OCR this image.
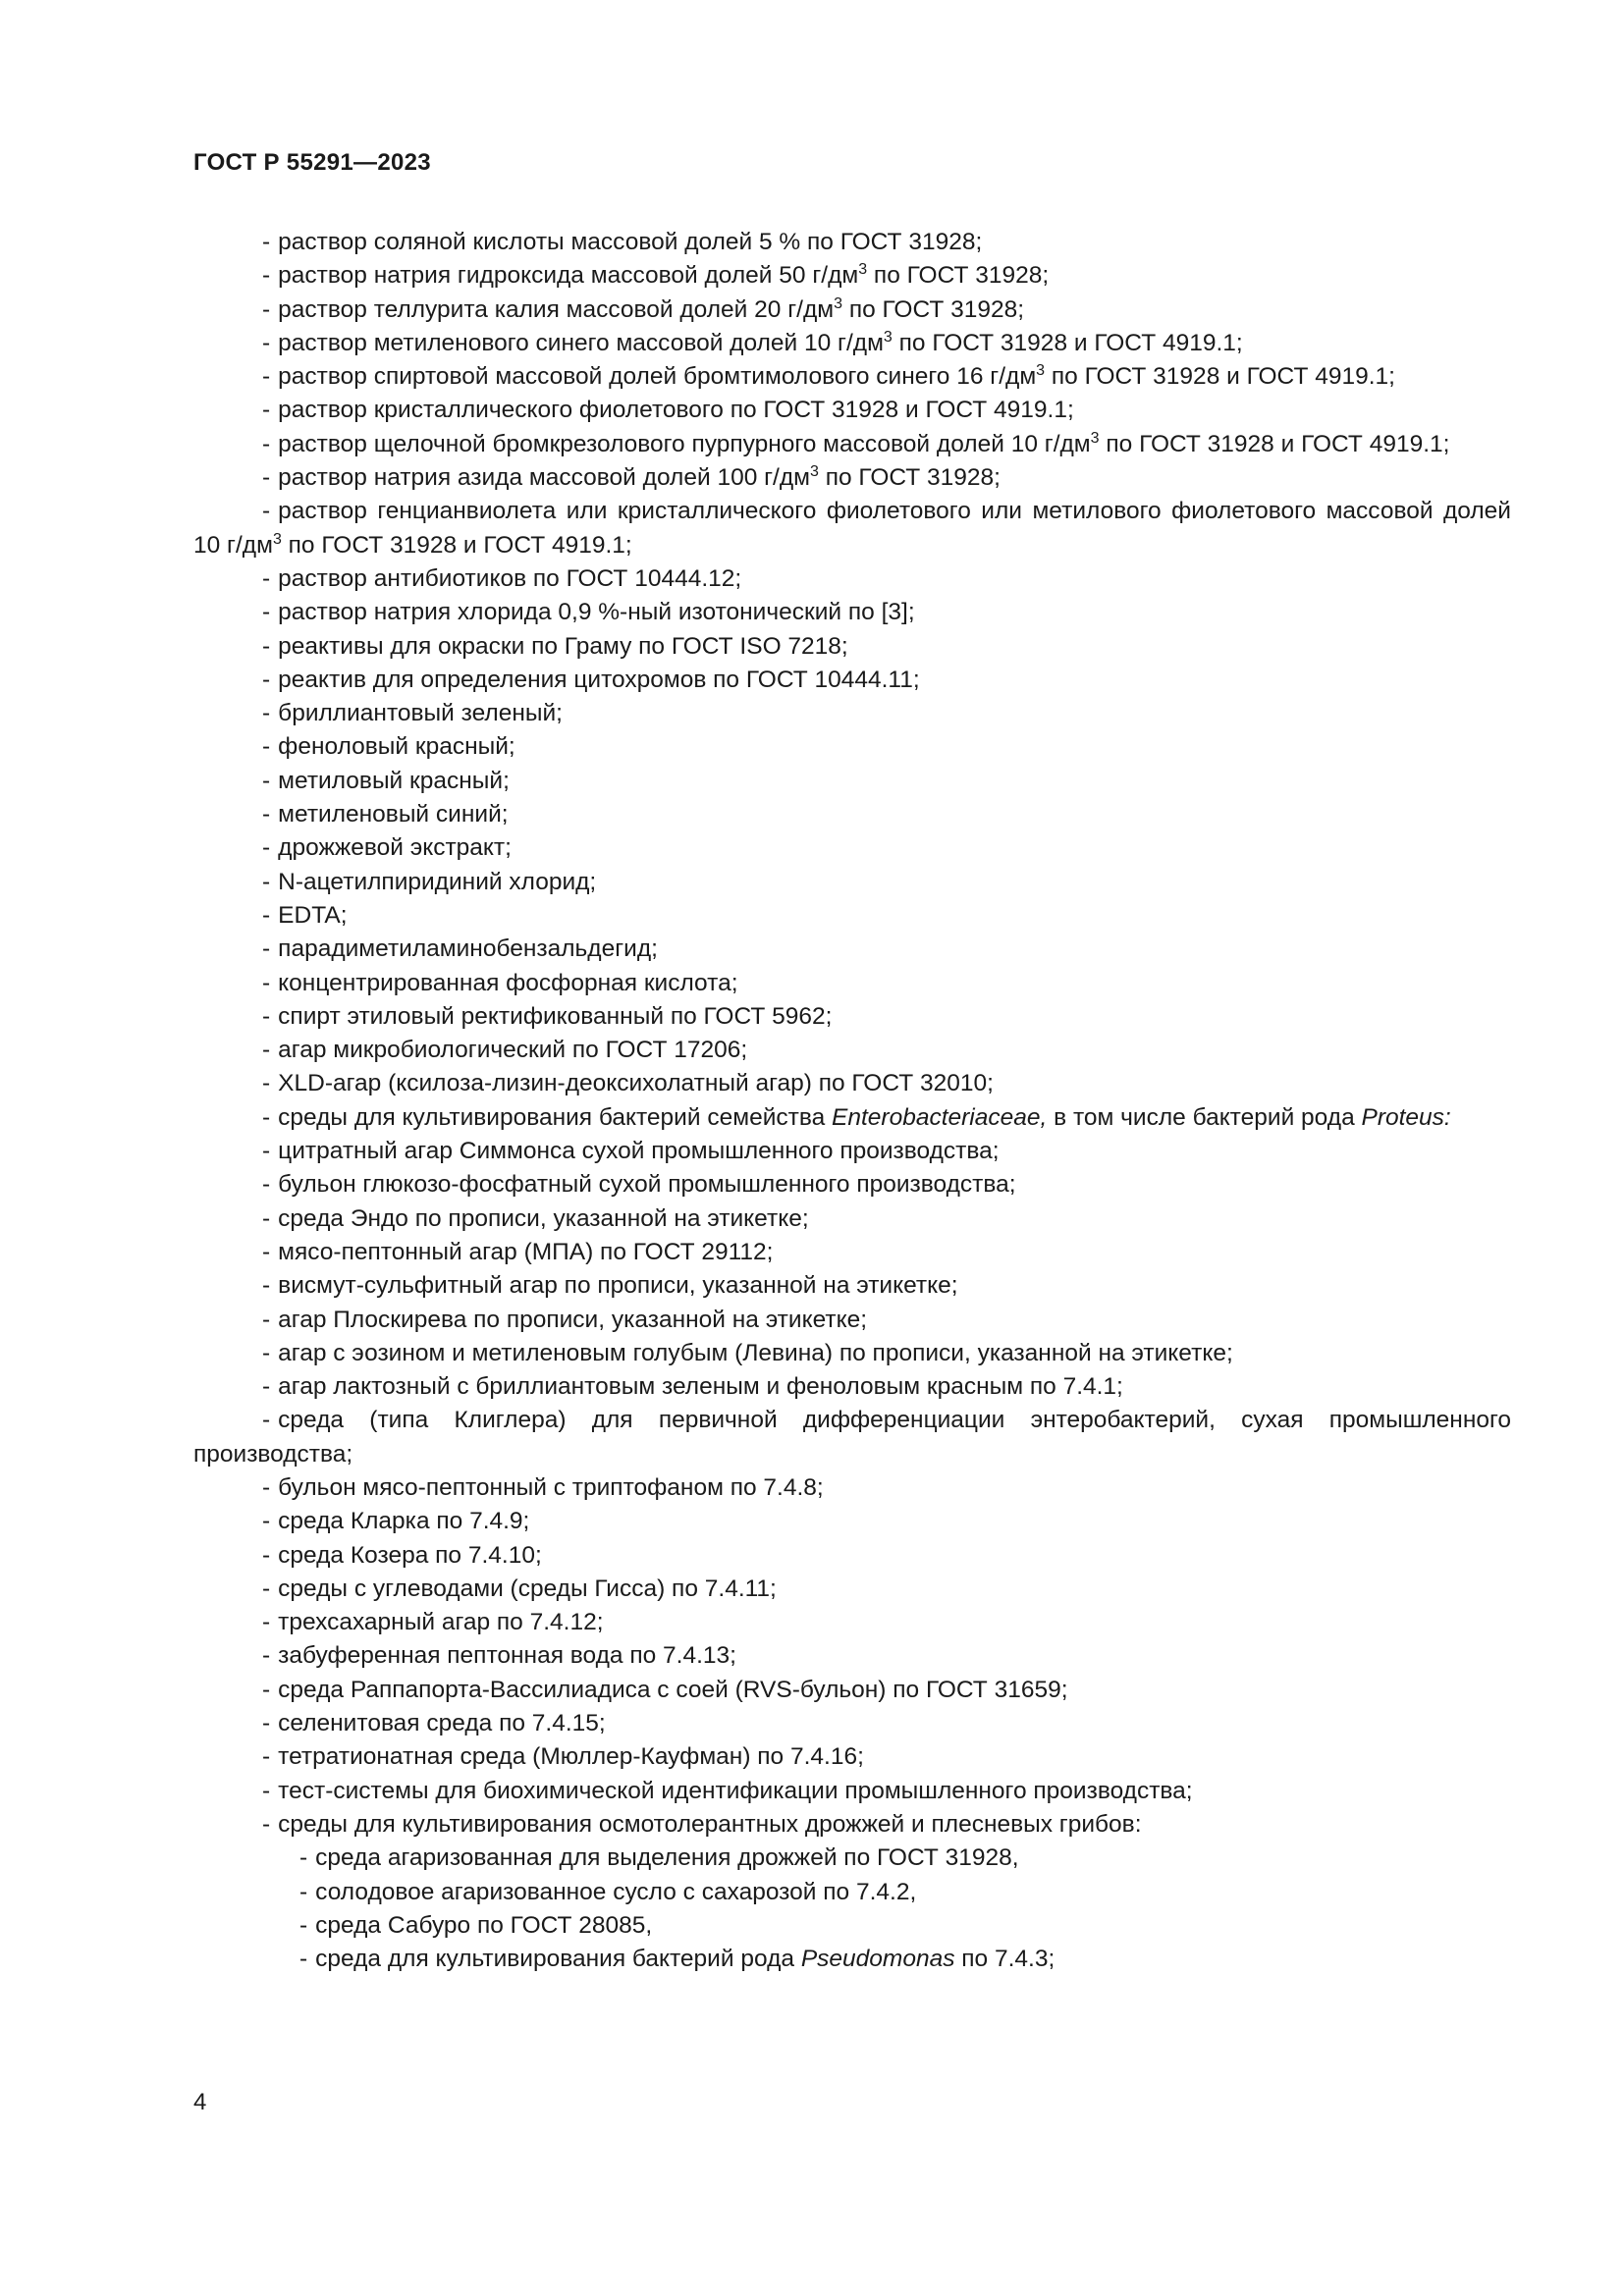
ГОСТ Р 55291—2023

- раствор соляной кислоты массовой долей 5 % по ГОСТ 31928;

- раствор натрия гидроксида массовой долей 50 $г/дм^3$ по ГОСТ 31928;

- раствор теллурита калия массовой долей 20 $г/дм^3$ по ГОСТ 31928;

- раствор метиленового синего массовой долей 10 $г/дм^3$ по ГОСТ 31928 и ГОСТ 4919.1;

- раствор спиртовой массовой долей бромтимолового синего 16 $г/дм^3$ по ГОСТ 31928 и ГОСТ 4919.1;

- раствор кристаллического фиолетового по ГОСТ 31928 и ГОСТ 4919.1;

- раствор щелочной бромкрезолового пурпурного массовой долей 10 $г/дм^3$ по ГОСТ 31928 и ГОСТ 4919.1;

- раствор натрия азида массовой долей 100 $г/дм^3$ по ГОСТ 31928;

- раствор генцианвиолета или кристаллического фиолетового или метилового фиолетового массовой долей 10 $г/дм^3$ по ГОСТ 31928 и ГОСТ 4919.1;

- раствор антибиотиков по ГОСТ 10444.12;

- раствор натрия хлорида 0,9 %-ный изотонический по [3];

- реактивы для окраски по Граму по ГОСТ ISO 7218;

- реактив для определения цитохромов по ГОСТ 10444.11;

- бриллиантовый зеленый;

- феноловый красный;

- метиловый красный;

- метиленовый синий;

- дрожжевой экстракт;

- N-ацетилпиридиний хлорид;

- EDTA;

- парадиметиламинобензальдегид;

- концентрированная фосфорная кислота;

- спирт этиловый ректификованный по ГОСТ 5962;

- агар микробиологический по ГОСТ 17206;

- XLD-агар (ксилоза-лизин-деоксихолатный агар) по ГОСТ 32010;

- среды для культивирования бактерий семейства Enterobacteriaceae, в том числе бактерий рода Proteus:

- цитратный агар Симмонса сухой промышленного производства;

- бульон глюкозо-фосфатный сухой промышленного производства;

- среда Эндо по прописи, указанной на этикетке;

- мясо-пептонный агар (МПА) по ГОСТ 29112;

- висмут-сульфитный агар по прописи, указанной на этикетке;

- агар Плоскирева по прописи, указанной на этикетке;

- агар с эозином и метиленовым голубым (Левина) по прописи, указанной на этикетке;

- агар лактозный с бриллиантовым зеленым и феноловым красным по 7.4.1;

- среда (типа Клиглера) для первичной дифференциации энтеробактерий, сухая промышленного производства;

- бульон мясо-пептонный с триптофаном по 7.4.8;

- среда Кларка по 7.4.9;

- среда Козера по 7.4.10;

- среды с углеводами (среды Гисса) по 7.4.11;

- трехсахарный агар по 7.4.12;

- забуференная пептонная вода по 7.4.13;

- среда Раппапорта-Вассилиадиса с соей (RVS-бульон) по ГОСТ 31659;

- селенитовая среда по 7.4.15;

- тетратионатная среда (Мюллер-Кауфман) по 7.4.16;

- тест-системы для биохимической идентификации промышленного производства;

- среды для культивирования осмотолерантных дрожжей и плесневых грибов:

- среда агаризованная для выделения дрожжей по ГОСТ 31928,

- солодовое агаризованное сусло с сахарозой по 7.4.2,

- среда Сабуро по ГОСТ 28085,

- среда для культивирования бактерий рода Pseudomonas по 7.4.3;

4
